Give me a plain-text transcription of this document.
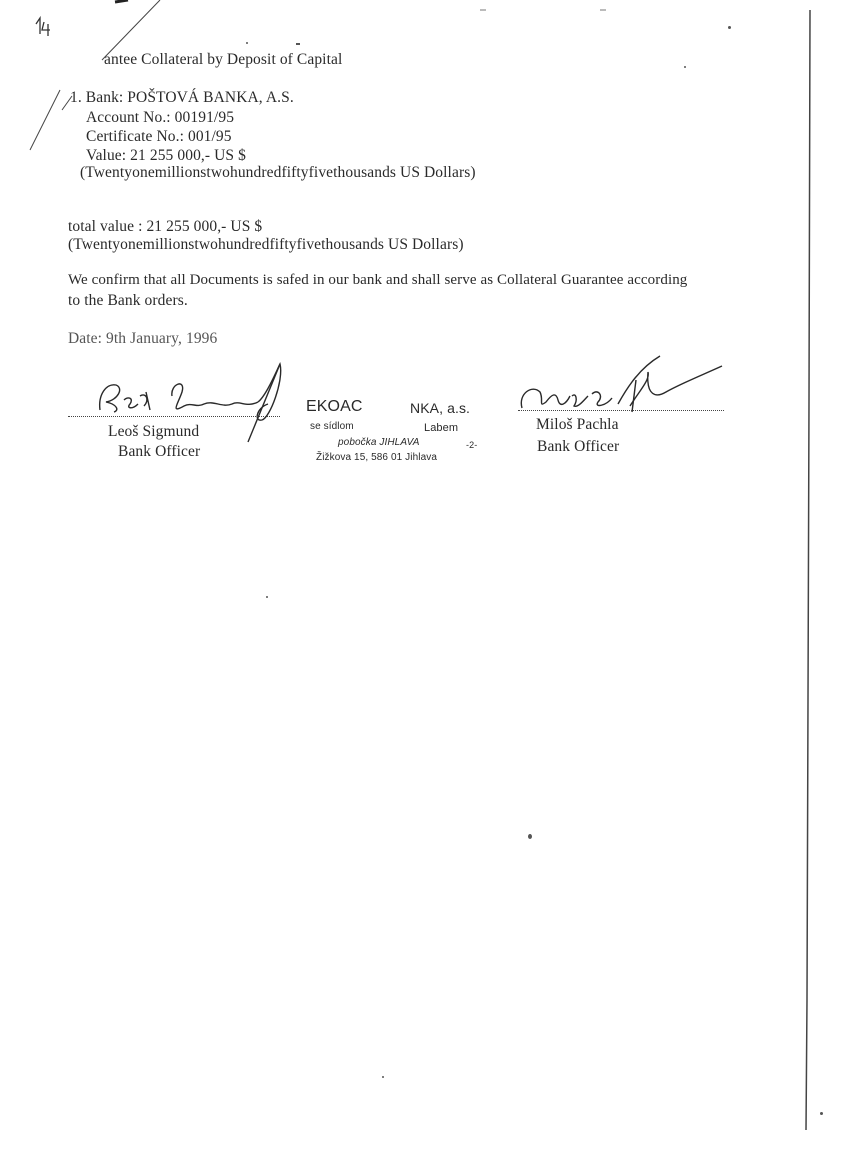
antee Collateral by Deposit of Capital
1. Bank: POŠTOVÁ BANKA, A.S.
Account No.: 00191/95
Certificate No.: 001/95
Value: 21 255 000,- US $
(Twentyonemillionstwohundredfiftyfivethousands US Dollars)
total value : 21 255 000,- US $
(Twentyonemillionstwohundredfiftyfivethousands US Dollars)
We confirm that all Documents is safed in our bank and shall serve as Collateral Guarantee according
to the Bank orders.
Date: 9th January, 1996
Leoš Sigmund
Bank Officer
EKOAC	NKA, a.s.
se sídlom	Labem
pobočka JIHLAVA	-2-
Žižkova 15, 586 01 Jihlava
Miloš Pachla
Bank Officer
